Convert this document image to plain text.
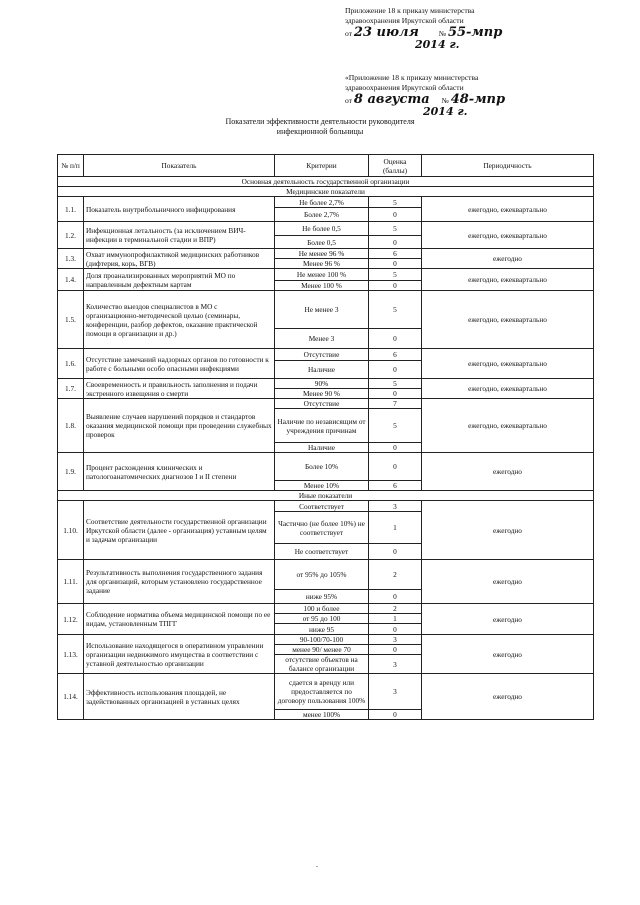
Приложение 18 к приказу министерства
здравоохранения Иркутской области
от 23 июля	№ 55-мпр
2014 г.
«Приложение 18 к приказу министерства
здравоохранения Иркутской области
от 8 августа № 48-мпр
2014 г.
Показатели эффективности деятельности руководителя
инфекционной больницы
№ п/п	Показатель	Критерии	Оценка (баллы)	Периодичность
Основная деятельность государственной организации				
Медицинские показатели				
1.1.	Показатель внутрибольничного инфицирования	Не более 2,7%	5	ежегодно, ежеквартально
		Более 2,7%	0	
1.2.	Инфекционная летальность (за исключением ВИЧ-инфекции в терминальной стадии и ВПР)	Не более 0,5	5	ежегодно, ежеквартально
		Более 0,5	0	
1.3.	Охват иммунопрофилактикой медицинских работников (дифтерия, корь, ВГВ)	Не менее 96 %	6	ежегодно
		Менее 96 %	0	
1.4.	Доля проанализированных мероприятий МО по направленным дефектным картам	Не менее 100 %	5	ежегодно, ежеквартально
		Менее 100 %	0	
1.5.	Количество выездов специалистов в МО с организационно-методической целью (семинары, конференции, разбор дефектов, оказание практической помощи в организации и др.)	Не менее 3	5	ежегодно, ежеквартально
		Менее 3	0	
1.6.	Отсутствие замечаний надзорных органов по готовности к работе с больными особо опасными инфекциями	Отсутствие	6	ежегодно, ежеквартально
		Наличие	0	
1.7.	Своевременность и правильность заполнения и подачи экстренного извещения о смерти	90%	5	ежегодно, ежеквартально
		Менее 90 %	0	
1.8.	Выявление случаев нарушений порядков и стандартов оказания медицинской помощи при проведении служебных проверок	Отсутствие	7	ежегодно, ежеквартально
		Наличие по независящим от учреждения причинам	5	
		Наличие	0	
1.9.	Процент расхождения клинических и патологоанатомических диагнозов I и II степени	Более 10%	0	ежегодно
		Менее 10%	6	
Иные показатели				
1.10.	Соответствие деятельности государственной организации Иркутской области (далее - организация) уставным целям и задачам организации	Соответствует	3	ежегодно
		Частично (не более 10%) не соответствует	1	
		Не соответствует	0	
1.11.	Результативность выполнения государственного задания для организаций, которым установлено государственное задание	от 95% до 105%	2	ежегодно
		ниже 95%	0	
1.12.	Соблюдение норматива объема медицинской помощи по ее видам, установленным ТПГГ	100 и более	2	ежегодно
		от 95 до 100	1	
		ниже 95	0	
1.13.	Использование находящегося в оперативном управлении организации недвижимого имущества в соответствии с уставной деятельностью организации	90-100/70-100	3	ежегодно
		менее 90/ менее 70	0	
		отсутствие объектов на балансе организации	3	
1.14.	Эффективность использования площадей, не задействованных организацией в уставных целях	сдается в аренду или предоставляется по договору пользования 100%	3	ежегодно
		менее 100%	0	
.
